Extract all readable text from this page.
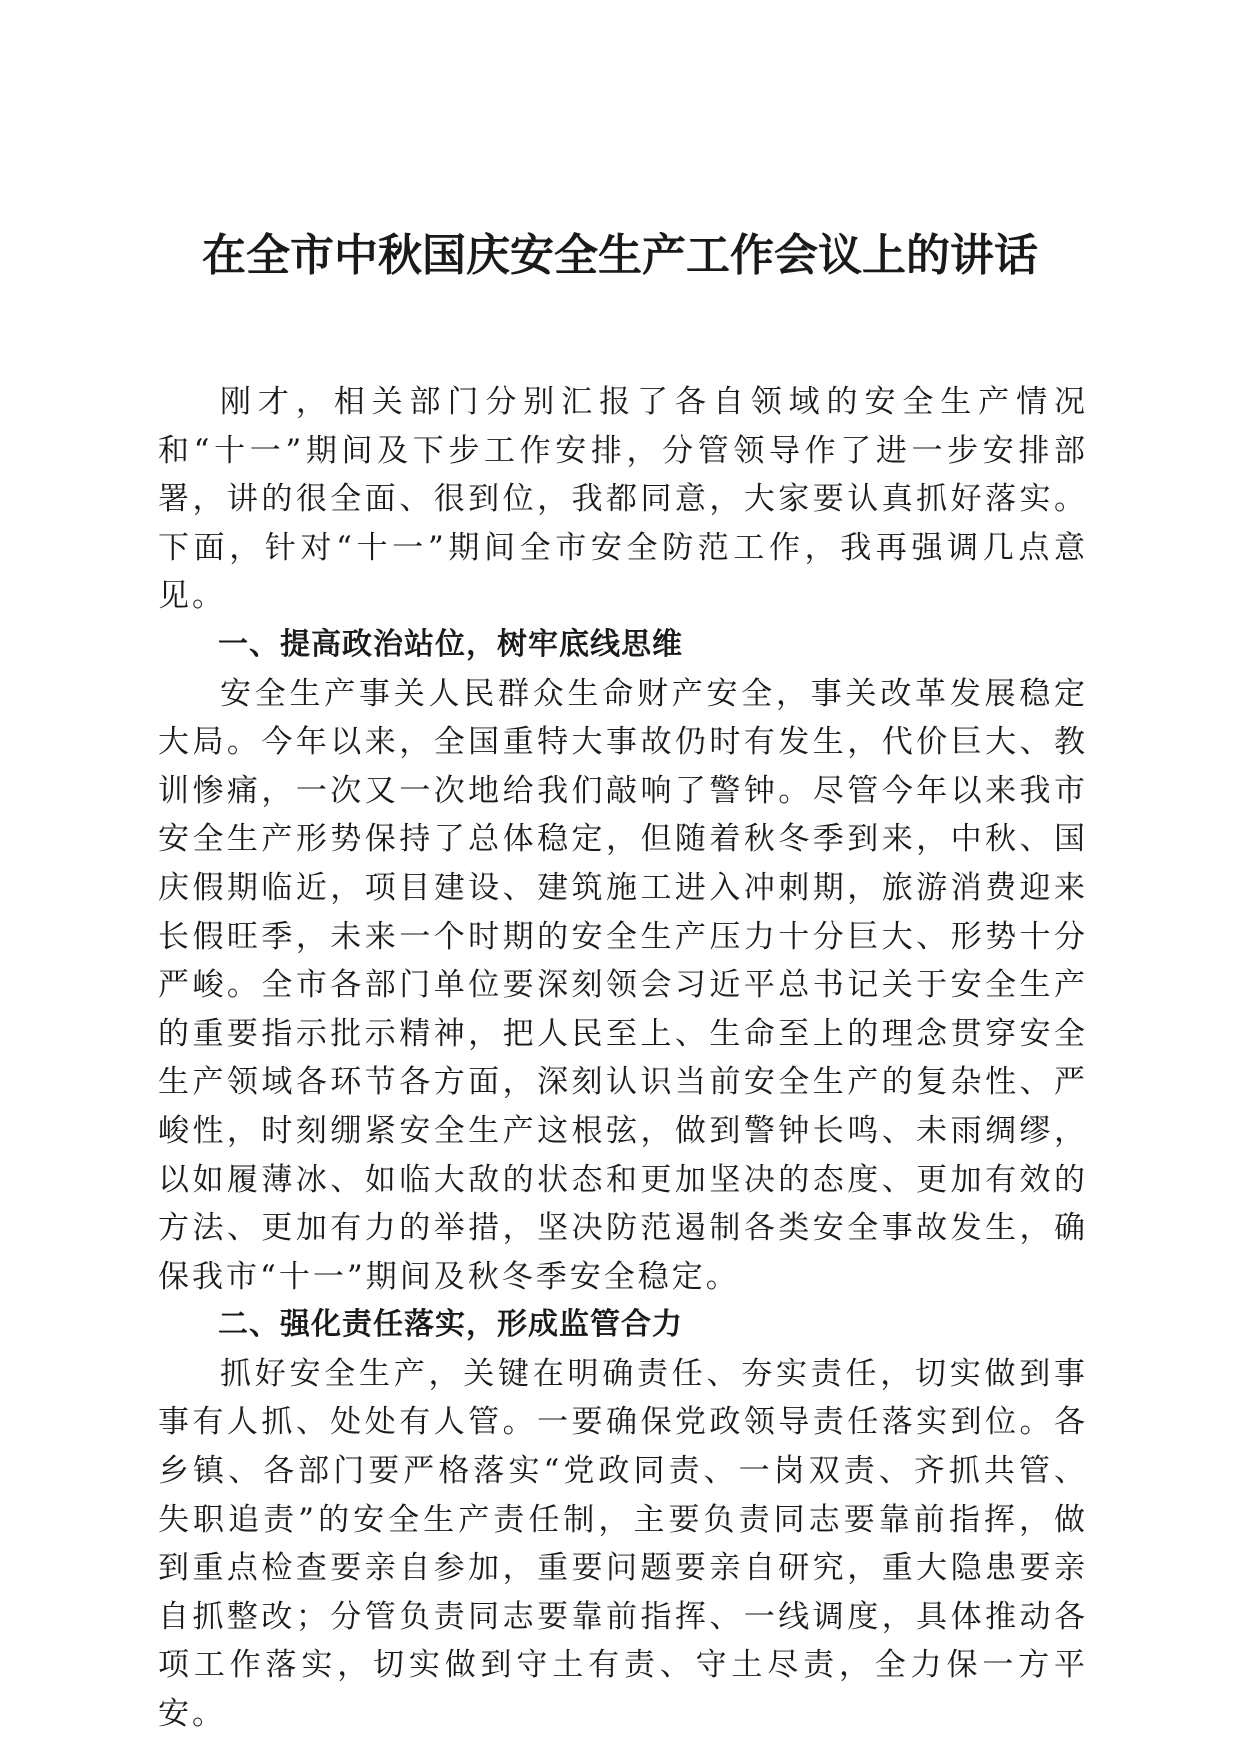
在全市中秋国庆安全生产工作会议上的讲话

刚才，相关部门分别汇报了各自领域的安全生产情况和“十一”期间及下步工作安排，分管领导作了进一步安排部署，讲的很全面、很到位，我都同意，大家要认真抓好落实。下面，针对“十一”期间全市安全防范工作，我再强调几点意见。

一、提高政治站位，树牢底线思维

安全生产事关人民群众生命财产安全，事关改革发展稳定大局。今年以来，全国重特大事故仍时有发生，代价巨大、教训惨痛，一次又一次地给我们敲响了警钟。尽管今年以来我市安全生产形势保持了总体稳定，但随着秋冬季到来，中秋、国庆假期临近，项目建设、建筑施工进入冲刺期，旅游消费迎来长假旺季，未来一个时期的安全生产压力十分巨大、形势十分严峻。全市各部门单位要深刻领会习近平总书记关于安全生产的重要指示批示精神，把人民至上、生命至上的理念贯穿安全生产领域各环节各方面，深刻认识当前安全生产的复杂性、严峻性，时刻绷紧安全生产这根弦，做到警钟长鸣、未雨绸缪，以如履薄冰、如临大敌的状态和更加坚决的态度、更加有效的方法、更加有力的举措，坚决防范遏制各类安全事故发生，确保我市“十一”期间及秋冬季安全稳定。

二、强化责任落实，形成监管合力

抓好安全生产，关键在明确责任、夯实责任，切实做到事事有人抓、处处有人管。一要确保党政领导责任落实到位。各乡镇、各部门要严格落实“党政同责、一岗双责、齐抓共管、失职追责”的安全生产责任制，主要负责同志要靠前指挥，做到重点检查要亲自参加，重要问题要亲自研究，重大隐患要亲自抓整改；分管负责同志要靠前指挥、一线调度，具体推动各项工作落实，切实做到守土有责、守土尽责，全力保一方平安。
